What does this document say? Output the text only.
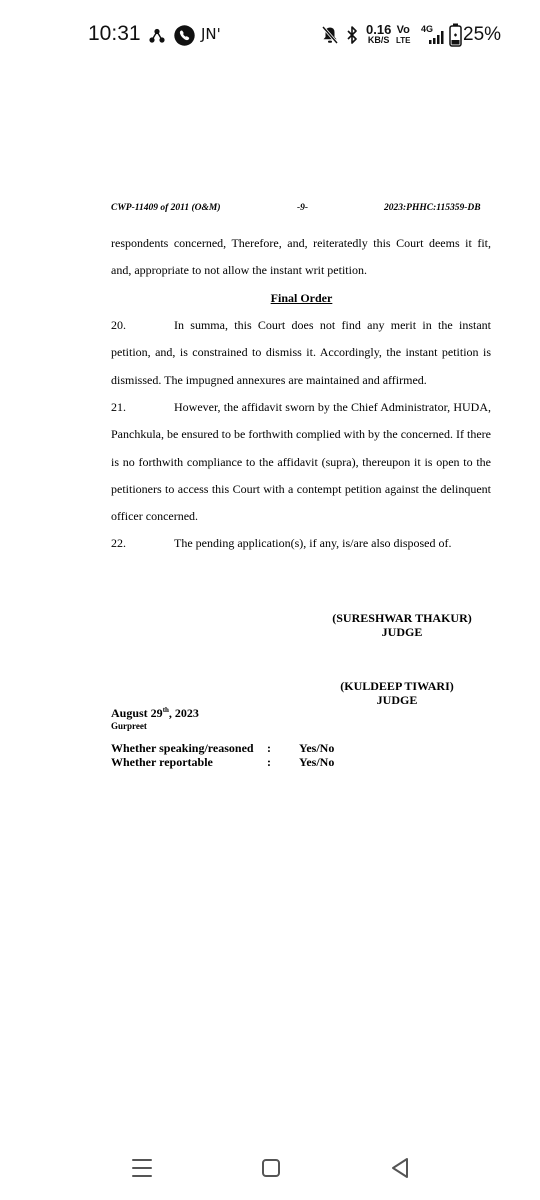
10:31	JNꞌ	0.16
KB/S
Vo
LTE
4G 25%
CWP-11409 of 2011 (O&M)	-9-	2023:PHHC:115359-DB
respondents concerned, Therefore, and, reiteratedly this Court deems it fit, and, appropriate to not allow the instant writ petition.
Final Order
20.	In summa, this Court does not find any merit in the instant petition, and, is constrained to dismiss it. Accordingly, the instant petition is dismissed. The impugned annexures are maintained and affirmed.
21.	However, the affidavit sworn by the Chief Administrator, HUDA, Panchkula, be ensured to be forthwith complied with by the concerned. If there is no forthwith compliance to the affidavit (supra), thereupon it is open to the petitioners to access this Court with a contempt petition against the delinquent officer concerned.
22.	The pending application(s), if any, is/are also disposed of.
(SURESHWAR THAKUR)
JUDGE
(KULDEEP TIWARI)
JUDGE
August 29th, 2023
Gurpreet
Whether speaking/reasoned : Yes/No
Whether reportable	: Yes/No
